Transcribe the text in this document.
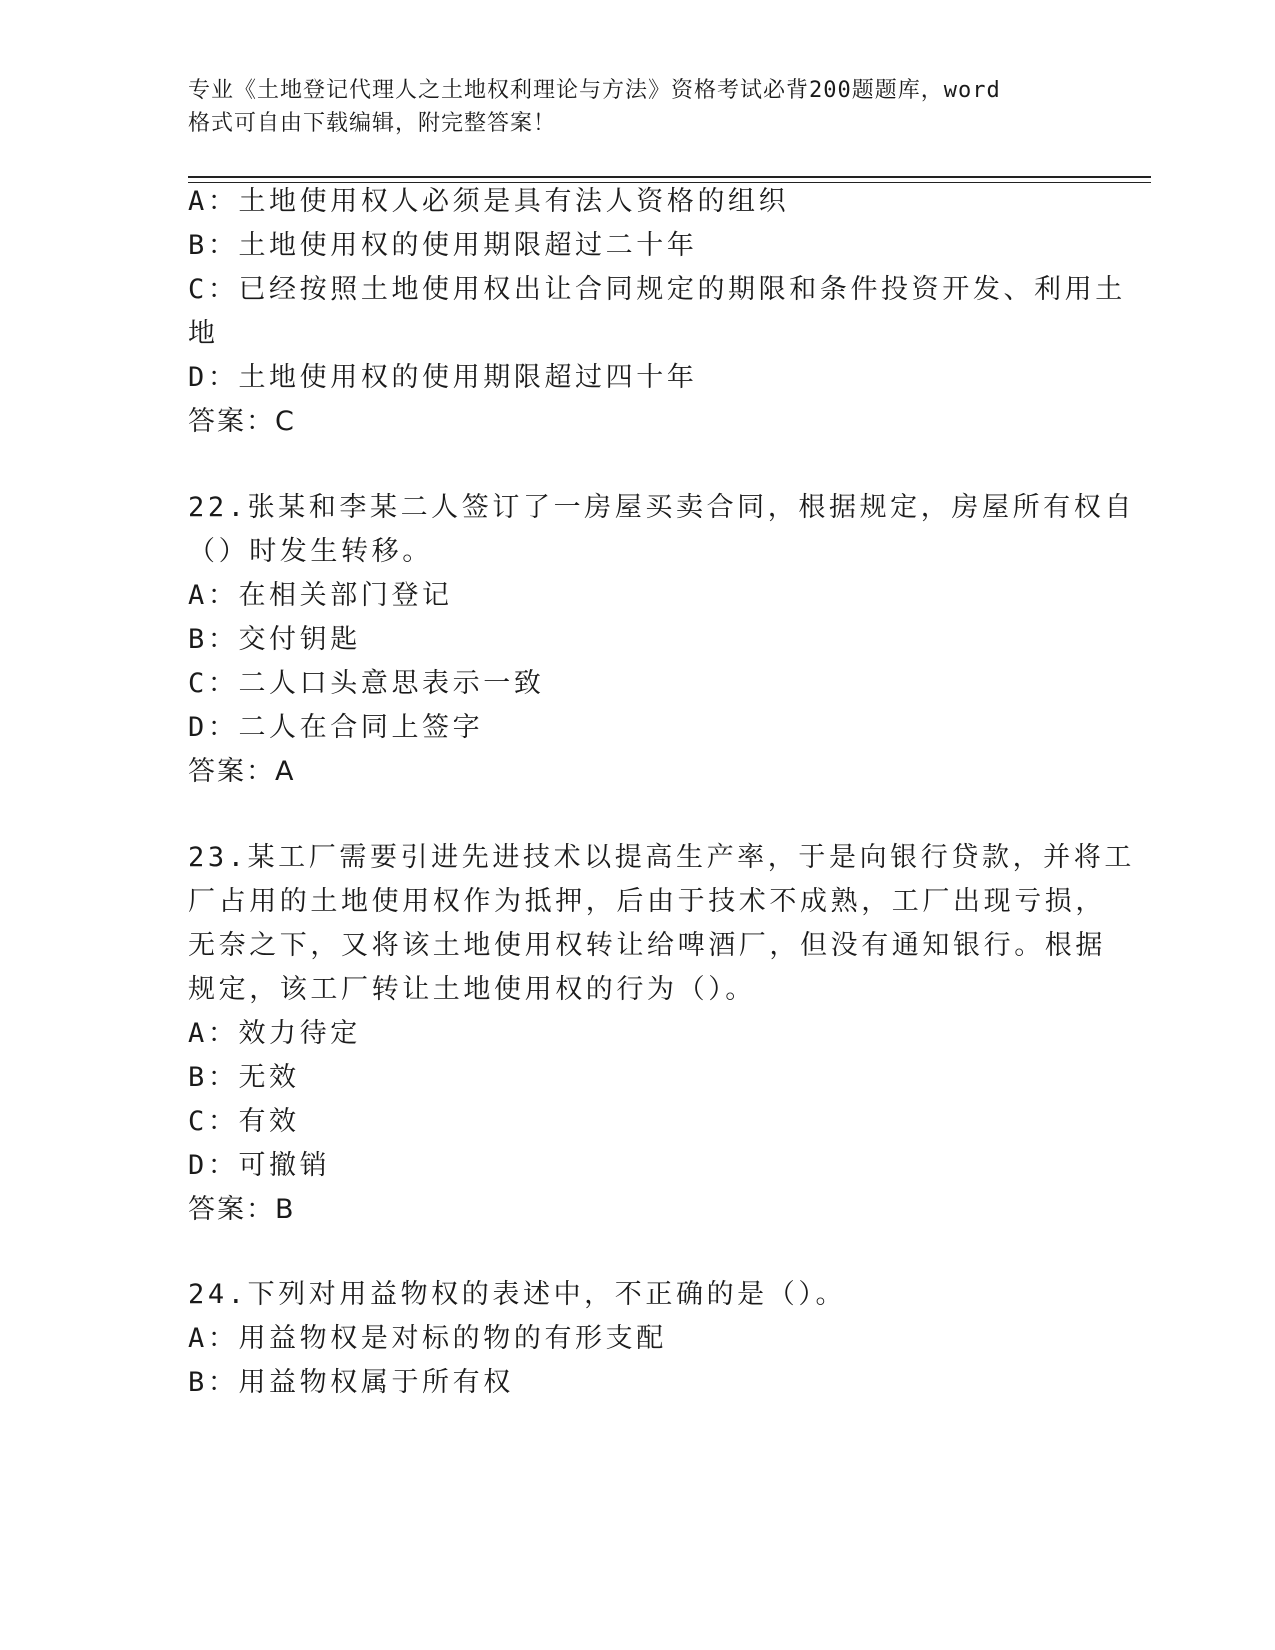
专业《土地登记代理人之土地权利理论与方法》资格考试必背200题题库，word
格式可自由下载编辑，附完整答案！
A：土地使用权人必须是具有法人资格的组织
B：土地使用权的使用期限超过二十年
C：已经按照土地使用权出让合同规定的期限和条件投资开发、利用土
地
D：土地使用权的使用期限超过四十年
答案：C
22.张某和李某二人签订了一房屋买卖合同，根据规定，房屋所有权自
（）时发生转移。
A：在相关部门登记
B：交付钥匙
C：二人口头意思表示一致
D：二人在合同上签字
答案：A
23.某工厂需要引进先进技术以提高生产率，于是向银行贷款，并将工
厂占用的土地使用权作为抵押，后由于技术不成熟，工厂出现亏损，
无奈之下，又将该土地使用权转让给啤酒厂，但没有通知银行。根据
规定，该工厂转让土地使用权的行为（）。
A：效力待定
B：无效
C：有效
D：可撤销
答案：B
24.下列对用益物权的表述中，不正确的是（）。
A：用益物权是对标的物的有形支配
B：用益物权属于所有权
